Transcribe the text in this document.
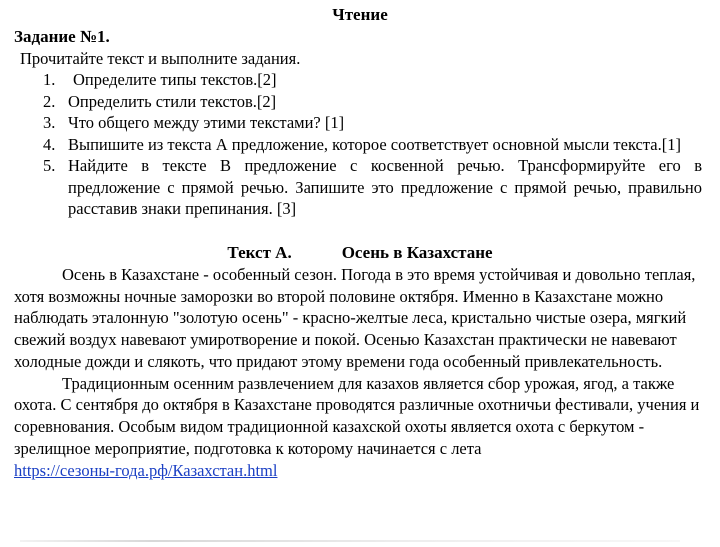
Чтение
Задание №1.
Прочитайте текст и выполните задания.
1.	Определите типы текстов.[2]
2. Определить стили текстов.[2]
3. Что общего между этими текстами? [1]
4. Выпишите из текста А предложение, которое соответствует основной мысли текста.[1]
5. Найдите в тексте В предложение с косвенной речью. Трансформируйте его в предложение с прямой речью. Запишите это предложение с прямой речью, правильно расставив знаки препинания. [3]
Текст А.	Осень в Казахстане

Осень в Казахстане - особенный сезон. Погода в это время устойчивая и довольно теплая, хотя возможны ночные заморозки во второй половине октября. Именно в Казахстане можно наблюдать эталонную "золотую осень" - красно-желтые леса, кристально чистые озера, мягкий свежий воздух навевают умиротворение и покой. Осенью Казахстан практически не навевают холодные дожди и слякоть, что придают этому времени года особенный привлекательность.

Традиционным осенним развлечением для казахов является сбор урожая, ягод, а также охота. С сентября до октября в Казахстане проводятся различные охотничьи фестивали, учения и соревнования. Особым видом традиционной казахской охоты является охота с беркутом - зрелищное мероприятие, подготовка к которому начинается с лета

https://сезоны-года.рф/Казахстан.html
